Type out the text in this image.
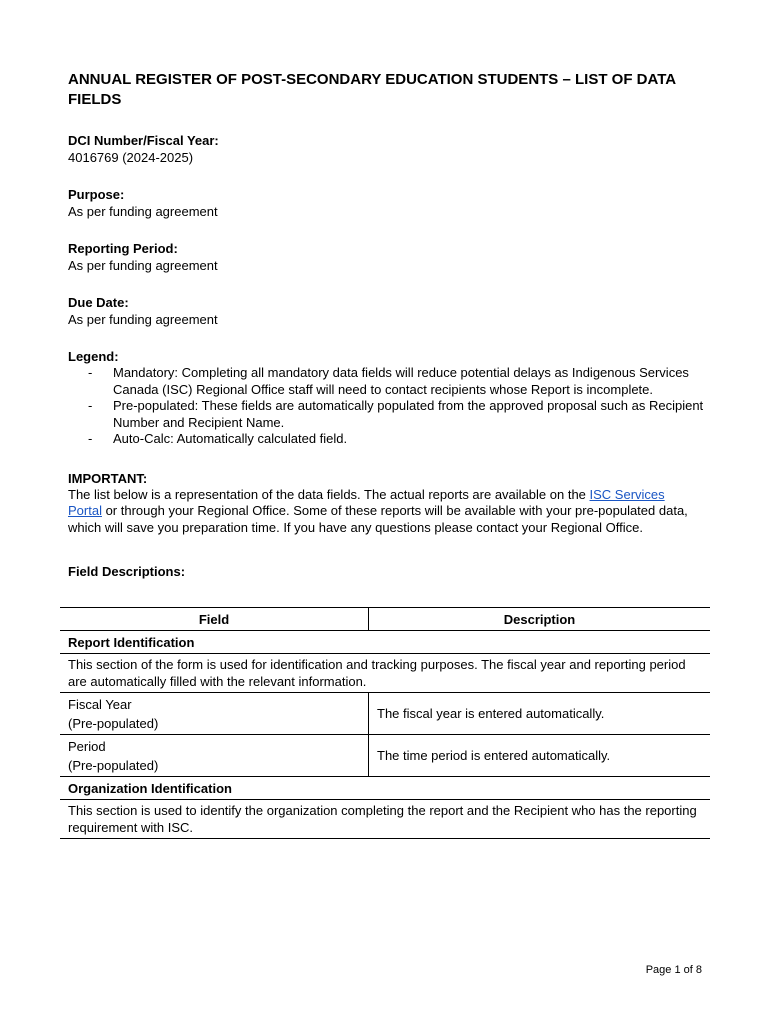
ANNUAL REGISTER OF POST-SECONDARY EDUCATION STUDENTS – LIST OF DATA FIELDS
DCI Number/Fiscal Year:
4016769 (2024-2025)
Purpose:
As per funding agreement
Reporting Period:
As per funding agreement
Due Date:
As per funding agreement
Legend:
- Mandatory: Completing all mandatory data fields will reduce potential delays as Indigenous Services Canada (ISC) Regional Office staff will need to contact recipients whose Report is incomplete.
- Pre-populated: These fields are automatically populated from the approved proposal such as Recipient Number and Recipient Name.
- Auto-Calc: Automatically calculated field.
IMPORTANT:
The list below is a representation of the data fields. The actual reports are available on the ISC Services Portal or through your Regional Office. Some of these reports will be available with your pre-populated data, which will save you preparation time. If you have any questions please contact your Regional Office.
Field Descriptions:
Field	Description
Report Identification	
This section of the form is used for identification and tracking purposes. The fiscal year and reporting period are automatically filled with the relevant information.	

Fiscal Year
(Pre-populated)	The fiscal year is entered automatically.

Period
(Pre-populated)	The time period is entered automatically.
Organization Identification	
This section is used to identify the organization completing the report and the Recipient who has the reporting requirement with ISC.	
Page 1 of 8
